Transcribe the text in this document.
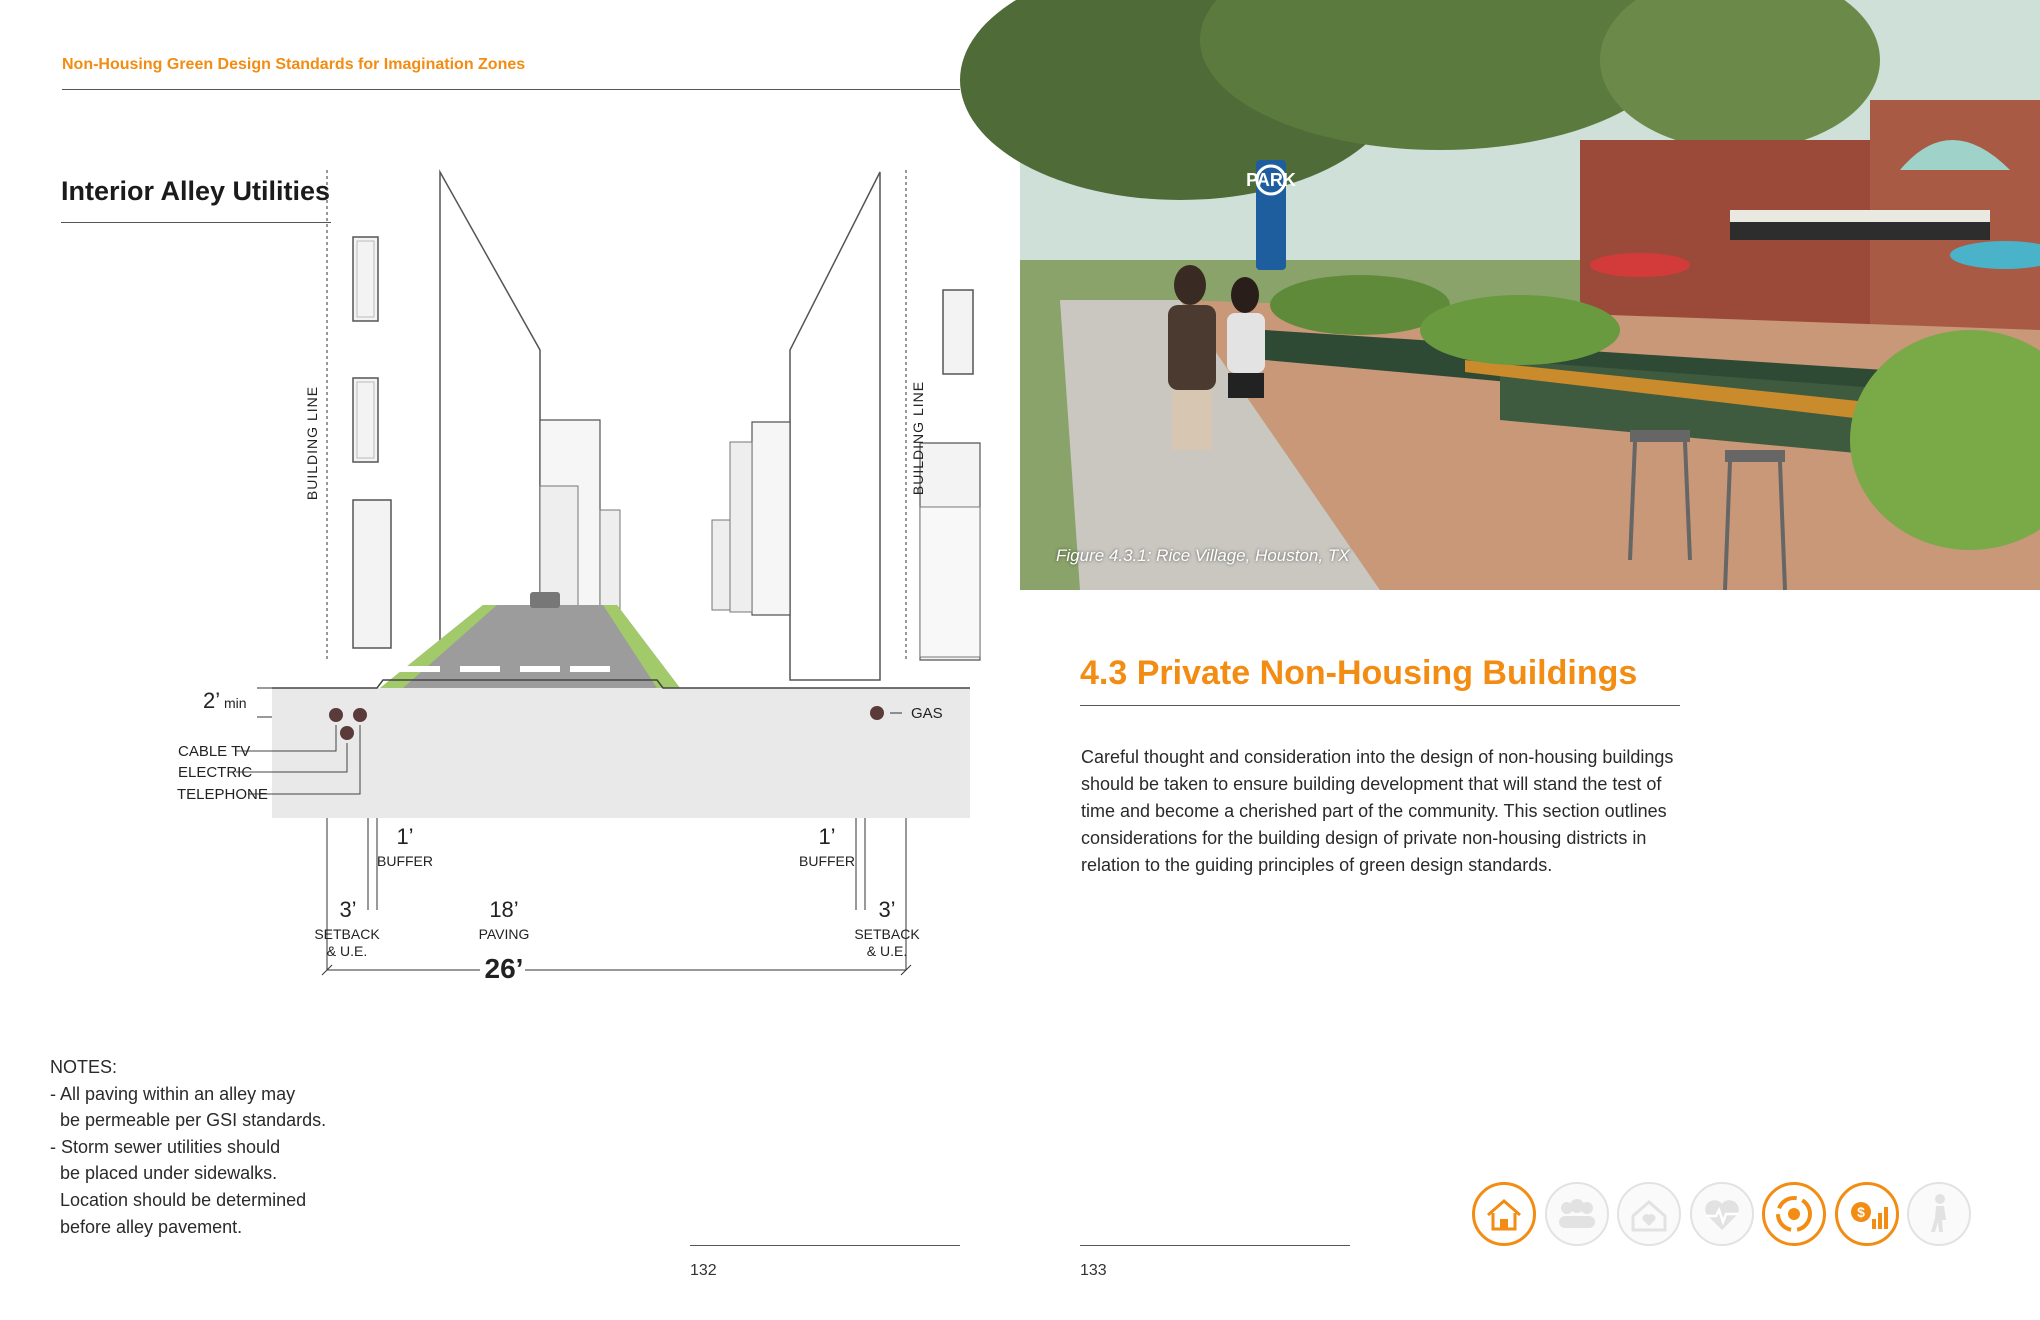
Non-Housing Green Design Standards for Imagination Zones
Interior Alley Utilities
BUILDING LINE	BUILDING LINE
2’ min
CABLE TV
ELECTRIC
TELEPHONE
GAS
1’
BUFFER
1’
BUFFER
3’
SETBACK
& U.E.
18’
PAVING
3’
SETBACK
& U.E.
26’
NOTES:
- All paving within an alley may
be permeable per GSI standards.
- Storm sewer utilities should
be placed under sidewalks.
Location should be determined
before alley pavement.
132
PARK
Figure 4.3.1: Rice Village, Houston, TX
4.3 Private Non-Housing Buildings
Careful thought and consideration into the design of non-housing buildings should be taken to ensure building development that will stand the test of time and become a cherished part of the community. This section outlines considerations for the building design of private non-housing districts in relation to the guiding principles of green design standards.
$
133
